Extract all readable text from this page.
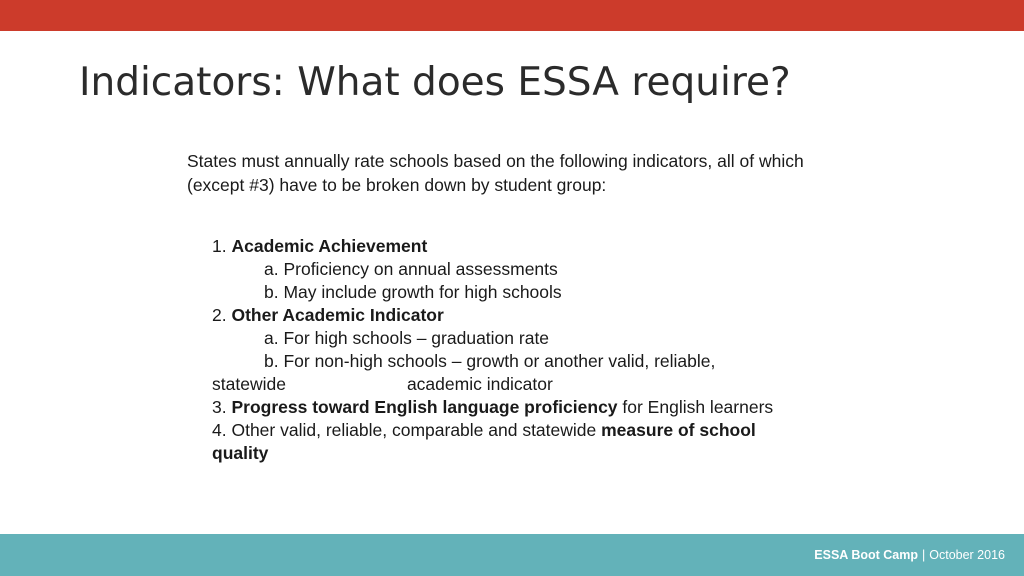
Indicators: What does ESSA require?

States must annually rate schools based on the following indicators, all of which (except #3) have to be broken down by student group:

1. Academic Achievement
a. Proficiency on annual assessments
b. May include growth for high schools
2. Other Academic Indicator
a. For high schools – graduation rate
b. For non-high schools – growth or another valid, reliable,
statewide	academic indicator
3. Progress toward English language proficiency for English learners
4. Other valid, reliable, comparable and statewide measure of school
quality
ESSA Boot Camp | October 2016
